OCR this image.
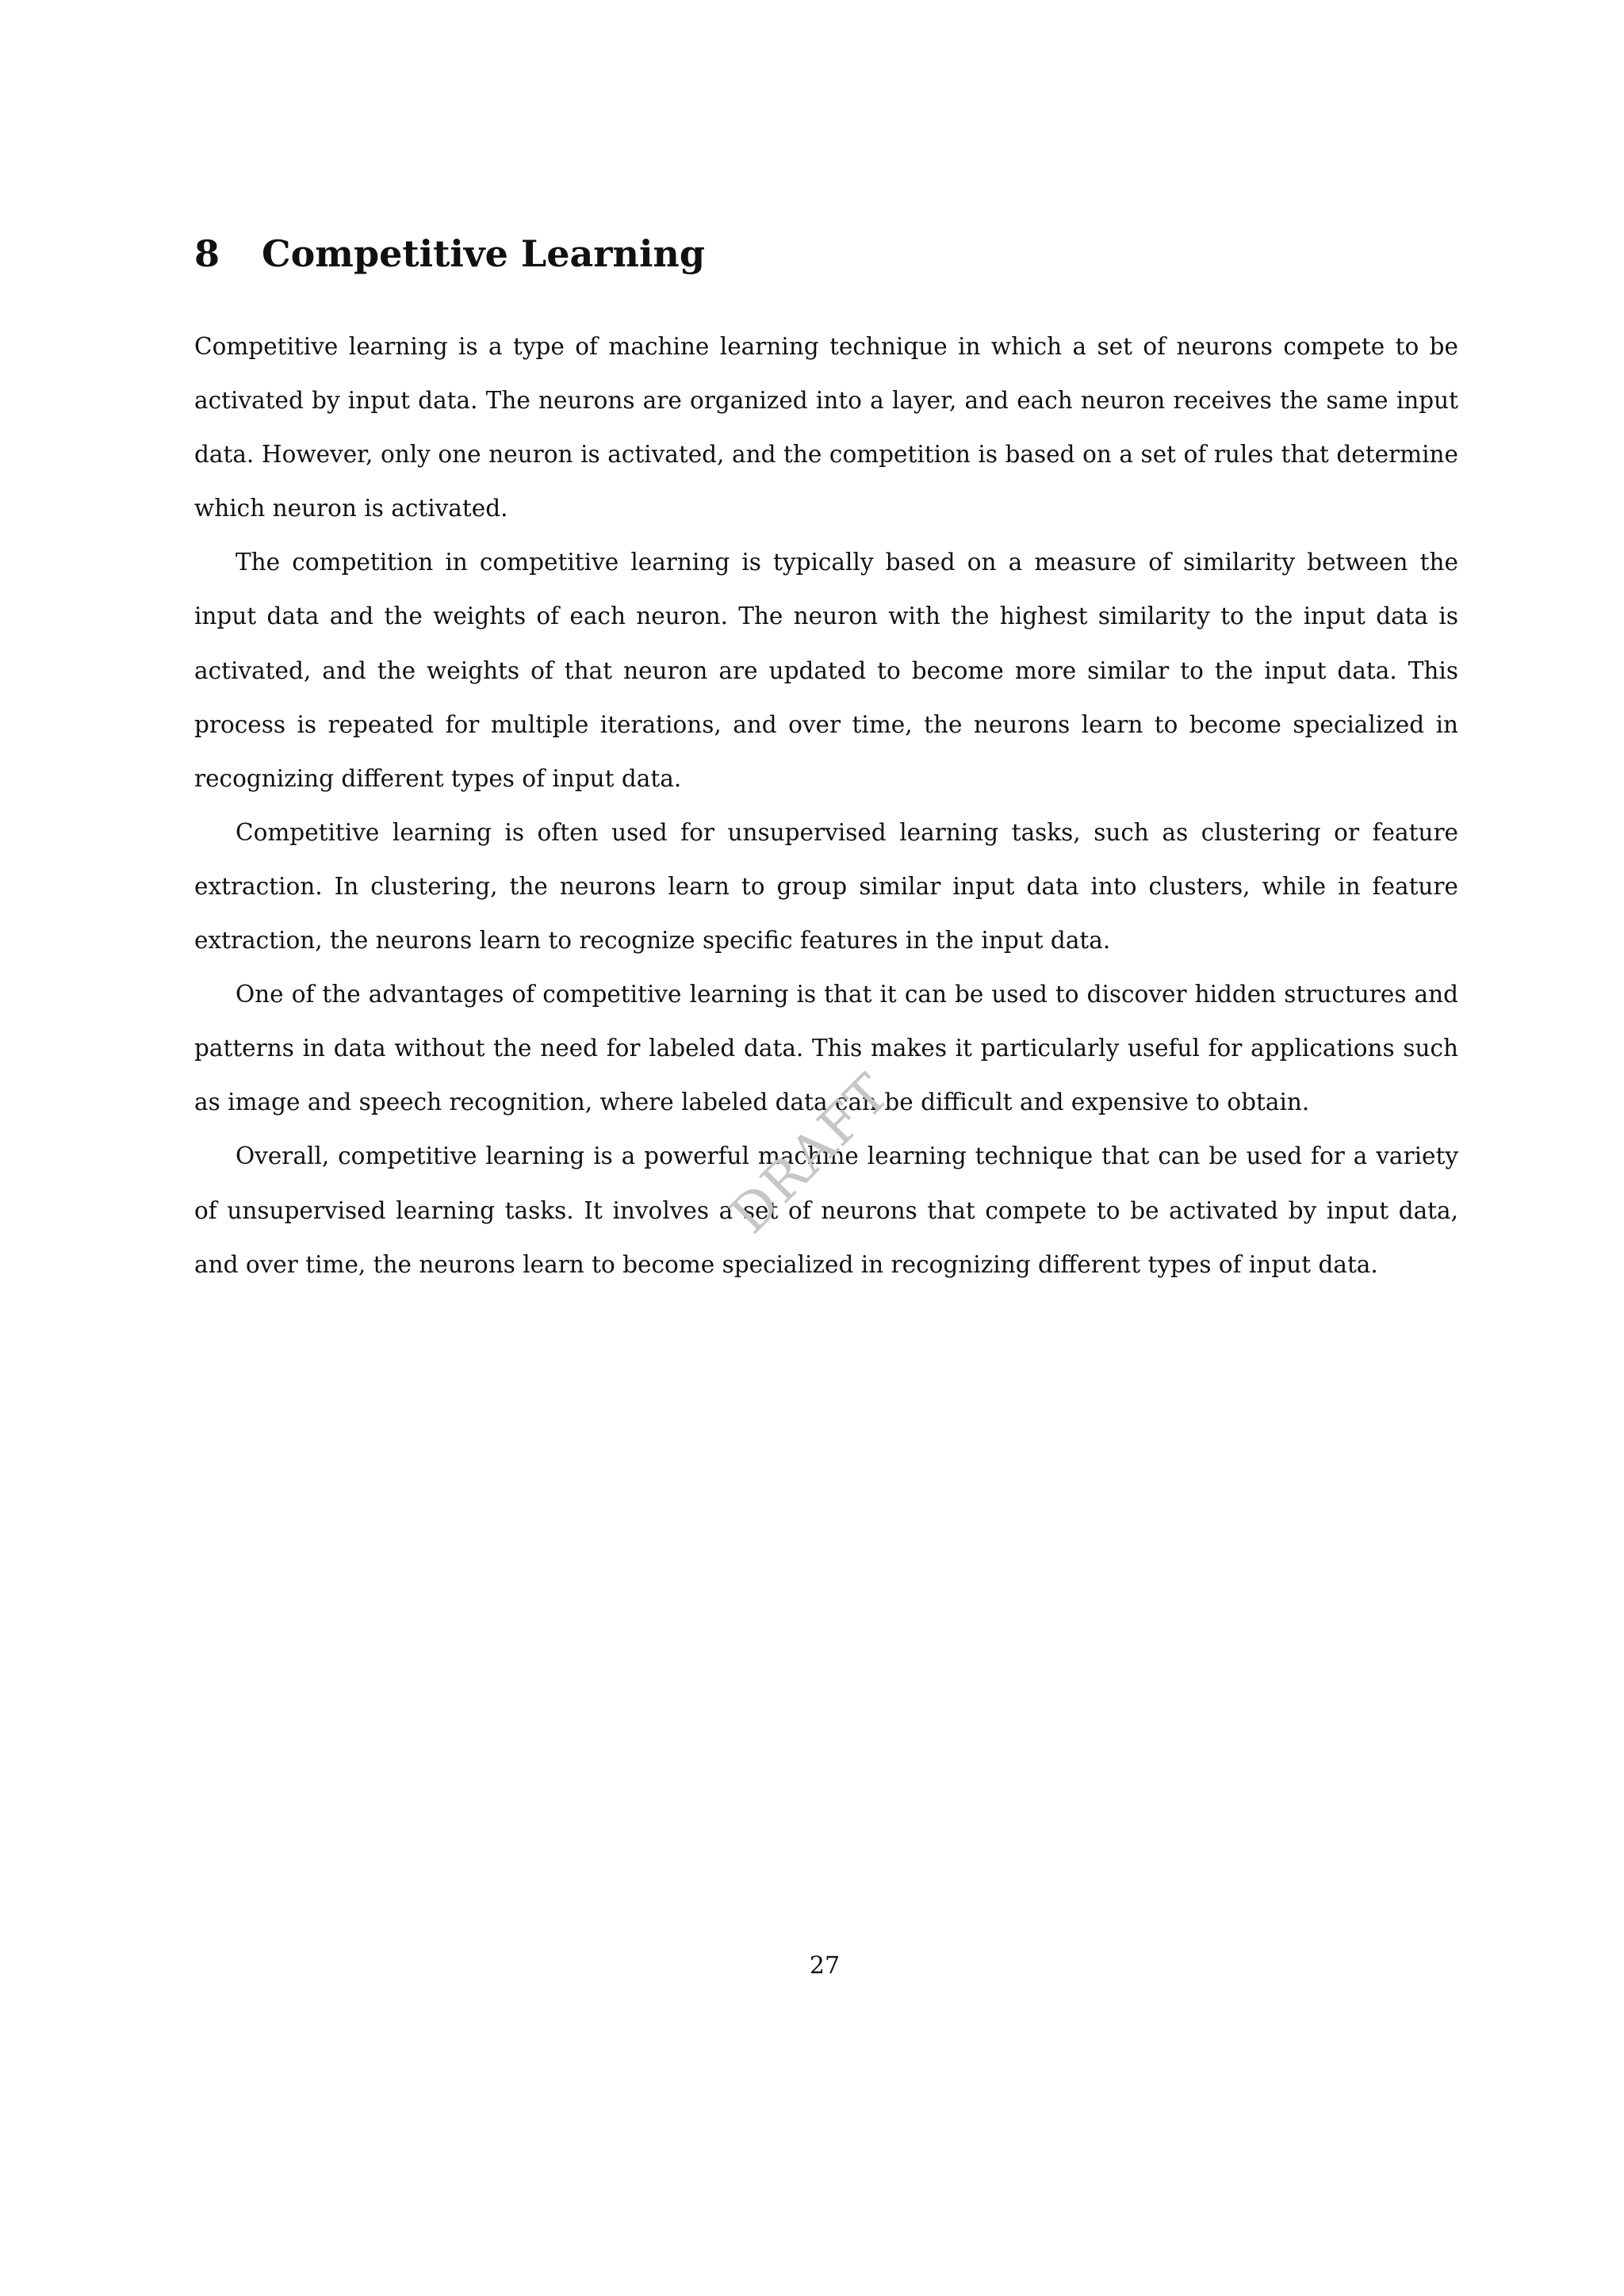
8 Competitive Learning

Competitive learning is a type of machine learning technique in which a set of neurons compete to be activated by input data. The neurons are organized into a layer, and each neuron receives the same input data. However, only one neuron is activated, and the competition is based on a set of rules that determine which neuron is activated.

The competition in competitive learning is typically based on a measure of similarity between the input data and the weights of each neuron. The neuron with the highest similarity to the input data is activated, and the weights of that neuron are updated to become more similar to the input data. This process is repeated for multiple iterations, and over time, the neurons learn to become specialized in recognizing different types of input data.

Competitive learning is often used for unsupervised learning tasks, such as clustering or feature extraction. In clustering, the neurons learn to group similar input data into clusters, while in feature extraction, the neurons learn to recognize specific features in the input data.

One of the advantages of competitive learning is that it can be used to discover hidden structures and patterns in data without the need for labeled data. This makes it particularly useful for applications such as image and speech recognition, where labeled data can be difficult and expensive to obtain.

Overall, competitive learning is a powerful machine learning technique that can be used for a variety of unsupervised learning tasks. It involves a set of neurons that compete to be activated by input data, and over time, the neurons learn to become specialized in recognizing different types of input data.

DRAFT
27
